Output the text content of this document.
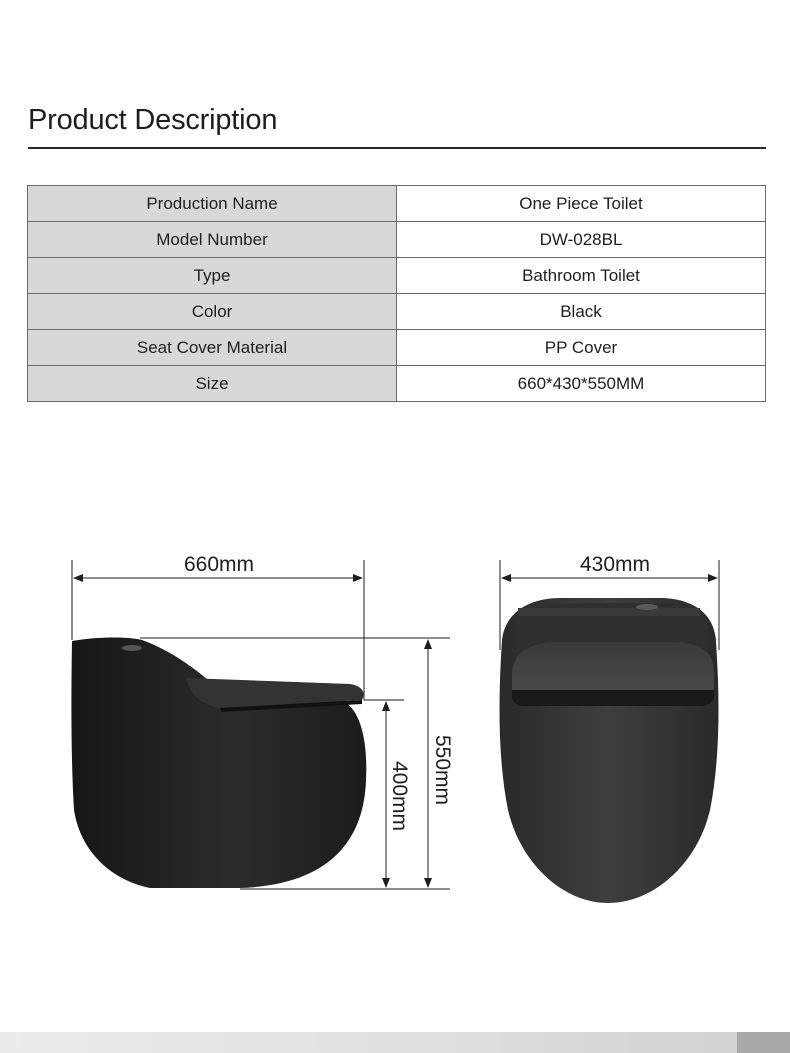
Product Description
Production Name	One Piece Toilet
Model Number	DW-028BL
Type	Bathroom Toilet
Color	Black
Seat Cover Material	PP Cover
Size	660*430*550MM
660mm	430mm
400mm 550mm
